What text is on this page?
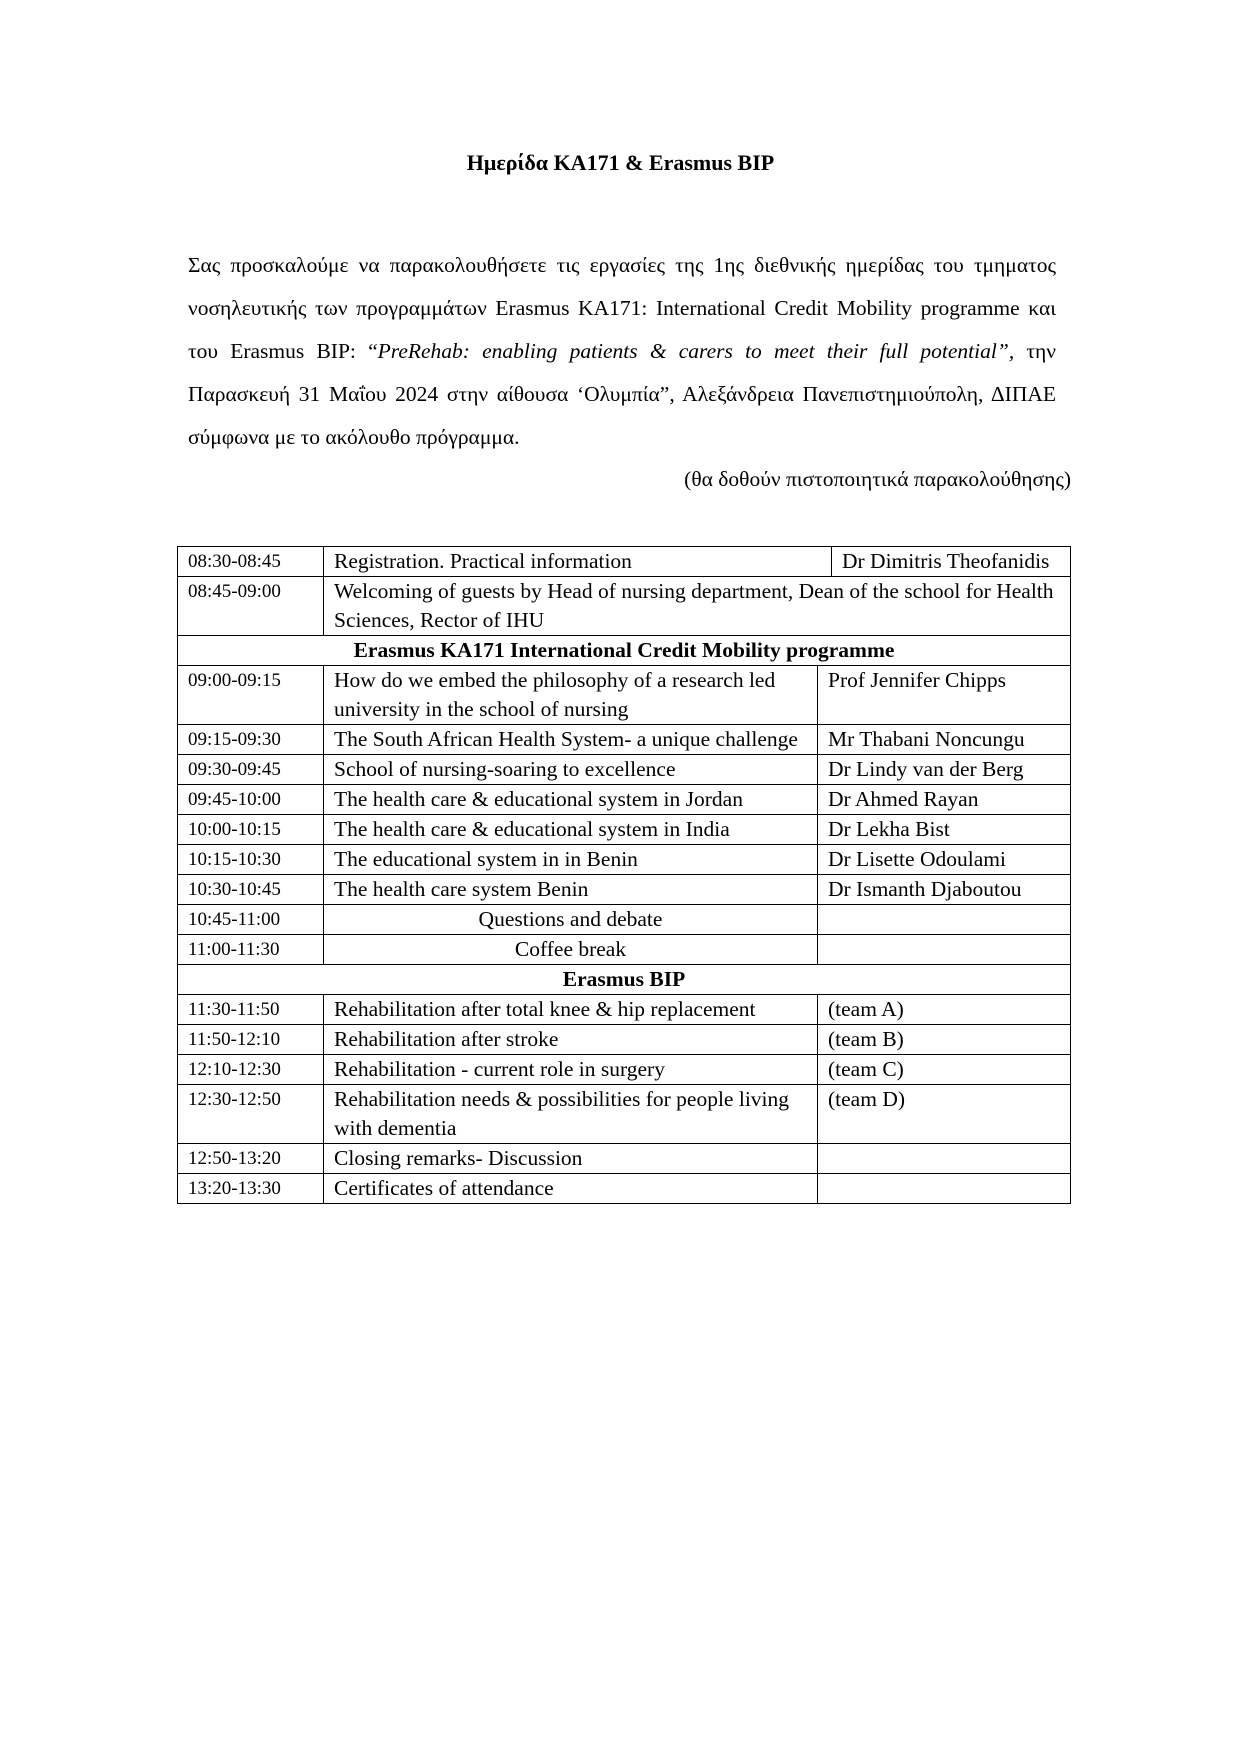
Ημερίδα KA171 & Erasmus BIP

Σας προσκαλούμε να παρακολουθήσετε τις εργασίες της 1ης διεθνικής ημερίδας του τμηματος νοσηλευτικής των προγραμμάτων Erasmus KA171: International Credit Mobility programme και του Erasmus BIP: “PreRehab: enabling patients & carers to meet their full potential”, την Παρασκευή 31 Μαΐου 2024 στην αίθουσα ‘Ολυμπία”, Αλεξάνδρεια Πανεπιστημιούπολη, ΔΙΠΑΕ σύμφωνα με το ακόλουθο πρόγραμμα.

(θα δοθούν πιστοποιητικά παρακολούθησης)

08:30-08:45	Registration. Practical information		Dr Dimitris Theofanidis
08:45-09:00	Welcoming of guests by Head of nursing department, Dean of the school for Health Sciences, Rector of IHU		
Erasmus KA171 International Credit Mobility programme			
09:00-09:15	How do we embed the philosophy of a research led university in the school of nursing	Prof Jennifer Chipps	
09:15-09:30	The South African Health System- a unique challenge	Mr Thabani Noncungu	
09:30-09:45	School of nursing-soaring to excellence	Dr Lindy van der Berg	
09:45-10:00	The health care & educational system in Jordan	Dr Ahmed Rayan	
10:00-10:15	The health care & educational system in India	Dr Lekha Bist	
10:15-10:30	The educational system in in Benin	Dr Lisette Odoulami	
10:30-10:45	The health care system Benin	Dr Ismanth Djaboutou	
10:45-11:00	Questions and debate		
11:00-11:30	Coffee break		
Erasmus BIP			
11:30-11:50	Rehabilitation after total knee & hip replacement	(team A)	
11:50-12:10	Rehabilitation after stroke	(team B)	
12:10-12:30	Rehabilitation - current role in surgery	(team C)	
12:30-12:50	Rehabilitation needs & possibilities for people living with dementia	(team D)	
12:50-13:20	Closing remarks- Discussion		
13:20-13:30	Certificates of attendance		
